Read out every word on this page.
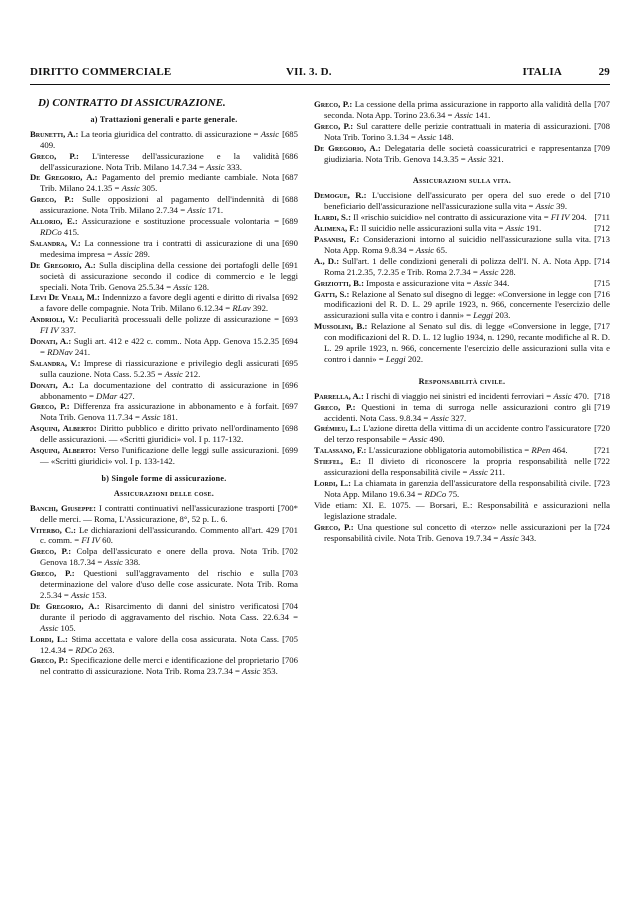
DIRITTO COMMERCIALE	VII. 3. D.	ITALIA	29
D) CONTRATTO DI ASSICURAZIONE.
a) Trattazioni generali e parte generale.

[685
Brunetti, A.: La teoria giuridica del contratto. di assicurazione = Assic 409.

[686
Greco, P.: L'interesse dell'assicurazione e la validità dell'assicurazione. Nota Trib. Milano 14.7.34 = Assic 333.

[687
De Gregorio, A.: Pagamento del premio mediante cambiale. Nota Trib. Milano 24.1.35 = Assic 305.

[688
Greco, P.: Sulle opposizioni al pagamento dell'indennità di assicurazione. Nota Trib. Milano 2.7.34 = Assic 171.

[689
Allorio, E.: Assicurazione e sostituzione processuale volontaria = RDCo 415.

[690
Salandra, V.: La connessione tra i contratti di assicurazione di una medesima impresa = Assic 289.

[691
De Gregorio, A.: Sulla disciplina della cessione dei portafogli delle società di assicurazione secondo il codice di commercio e le leggi speciali. Nota Trib. Genova 25.5.34 = Assic 128.

[692
Levi De Veali, M.: Indennizzo a favore degli agenti e diritto di rivalsa a favore delle compagnie. Nota Trib. Milano 6.12.34 = RLav 392.

[693
Andrioli, V.: Peculiarità processuali delle polizze di assicurazione = FI IV 337.

[694
Donati, A.: Sugli art. 412 e 422 c. comm.. Nota App. Genova 15.2.35 = RDNav 241.

[695
Salandra, V.: Imprese di riassicurazione e privilegio degli assicurati sulla cauzione. Nota Cass. 5.2.35 = Assic 212.

[696
Donati, A.: La documentazione del contratto di assicurazione in abbonamento = DMar 427.

[697
Greco, P.: Differenza fra assicurazione in abbonamento e à forfait. Nota Trib. Genova 11.7.34 = Assic 181.

[698
Asquini, Alberto: Diritto pubblico e diritto privato nell'ordinamento delle assicurazioni. — «Scritti giuridici» vol. I p. 117-132.

[699
Asquini, Alberto: Verso l'unificazione delle leggi sulle assicurazioni. — «Scritti giuridici» vol. I p. 133-142.

b) Singole forme di assicurazione.
Assicurazioni delle cose.

[700*
Banchi, Giuseppe: I contratti continuativi nell'assicurazione trasporti delle merci. — Roma, L'Assicurazione, 8°, 52 p. L. 6.

[701
Viterbo, C.: Le dichiarazioni dell'assicurando. Commento all'art. 429 c. comm. = FI IV 60.

[702
Greco, P.: Colpa dell'assicurato e onere della prova. Nota Trib. Genova 18.7.34 = Assic 338.

[703
Greco, P.: Questioni sull'aggravamento del rischio e sulla determinazione del valore d'uso delle cose assicurate. Nota Trib. Roma 2.5.34 = Assic 153.

[704
De Gregorio, A.: Risarcimento di danni del sinistro verificatosi durante il periodo di aggravamento del rischio. Nota Cass. 22.6.34 = Assic 105.

[705
Lordi, L.: Stima accettata e valore della cosa assicurata. Nota Cass. 12.4.34 = RDCo 263.

[706
Greco, P.: Specificazione delle merci e identificazione del proprietario nel contratto di assicurazione. Nota Trib. Roma 23.7.34 = Assic 353.

[707
Greco, P.: La cessione della prima assicurazione in rapporto alla validità della seconda. Nota App. Torino 23.6.34 = Assic 141.

[708
Greco, P.: Sul carattere delle perizie contrattuali in materia di assicurazioni. Nota Trib. Torino 3.1.34 = Assic 148.

[709
De Gregorio, A.: Delegataria delle società coassicuratrici e rappresentanza giudiziaria. Nota Trib. Genova 14.3.35 = Assic 321.

Assicurazioni sulla vita.

[710
Demogue, R.: L'uccisione dell'assicurato per opera del suo erede o del beneficiario dell'assicurazione nell'assicurazione sulla vita = Assic 39.

[711
Ilardi, S.: Il «rischio suicidio» nel contratto di assicurazione vita = FI IV 204.

[712
Alimena, F.: Il suicidio nelle assicurazioni sulla vita = Assic 191.

[713
Pasanisi, F.: Considerazioni intorno al suicidio nell'assicurazione sulla vita. Nota App. Roma 9.8.34 = Assic 65.

[714
A., D.: Sull'art. 1 delle condizioni generali di polizza dell'I. N. A. Nota App. Roma 21.2.35, 7.2.35 e Trib. Roma 2.7.34 = Assic 228.

[715
Griziotti, B.: Imposta e assicurazione vita = Assic 344.

[716
Gatti, S.: Relazione al Senato sul disegno di legge: «Conversione in legge con modificazioni del R. D. L. 29 aprile 1923, n. 966, concernente l'esercizio delle assicurazioni sulla vita e contro i danni» = Leggi 203.

[717
Mussolini, B.: Relazione al Senato sul dis. di legge «Conversione in legge, con modificazioni del R. D. L. 12 luglio 1934, n. 1290, recante modifiche al R. D. L. 29 aprile 1923, n. 966, concernente l'esercizio delle assicurazioni sulla vita e contro i danni» = Leggi 202.

Responsabilità civile.

[718
Parrella, A.: I rischi di viaggio nei sinistri ed incidenti ferroviari = Assic 470.

[719
Greco, P.: Questioni in tema di surroga nelle assicurazioni contro gli accidenti. Nota Cass. 9.8.34 = Assic 327.

[720
Grémieu, L.: L'azione diretta della vittima di un accidente contro l'assicuratore del terzo responsabile = Assic 490.

[721
Talassano, F.: L'assicurazione obbligatoria automobilistica = RPen 464.

[722
Stiefel, E.: Il divieto di riconoscere la propria responsabilità nelle assicurazioni della responsabilità civile = Assic 211.

[723
Lordi, L.: La chiamata in garenzia dell'assicuratore della responsabilità civile. Nota App. Milano 19.6.34 = RDCo 75.

Vide etiam: XI. E. 1075. — Borsari, E.: Responsabilità e assicurazioni nella legislazione stradale.

[724
Greco, P.: Una questione sul concetto di «terzo» nelle assicurazioni per la responsabilità civile. Nota Trib. Genova 19.7.34 = Assic 343.
